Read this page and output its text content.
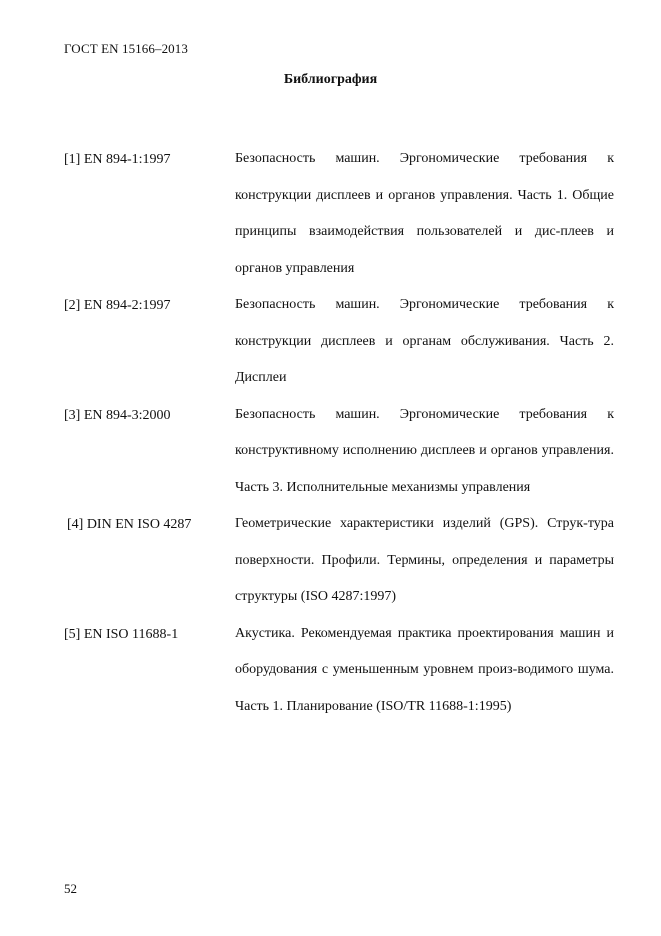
ГОСТ EN 15166–2013
Библиография
[1] EN 894-1:1997	Безопасность машин. Эргономические требования к конструкции дисплеев и органов управления. Часть 1. Общие принципы взаимодействия пользователей и дис-плеев и органов управления
[2] EN 894-2:1997	Безопасность машин. Эргономические требования к конструкции дисплеев и органам обслуживания. Часть 2. Дисплеи
[3] EN 894-3:2000	Безопасность машин. Эргономические требования к конструктивному исполнению дисплеев и органов управления. Часть 3. Исполнительные механизмы управления
[4] DIN EN ISO 4287	Геометрические характеристики изделий (GPS). Струк-тура поверхности. Профили. Термины, определения и параметры структуры (ISO 4287:1997)
[5] EN ISO 11688-1	Акустика. Рекомендуемая практика проектирования машин и оборудования с уменьшенным уровнем произ-водимого шума. Часть 1. Планирование (ISO/TR 11688-1:1995)
52
